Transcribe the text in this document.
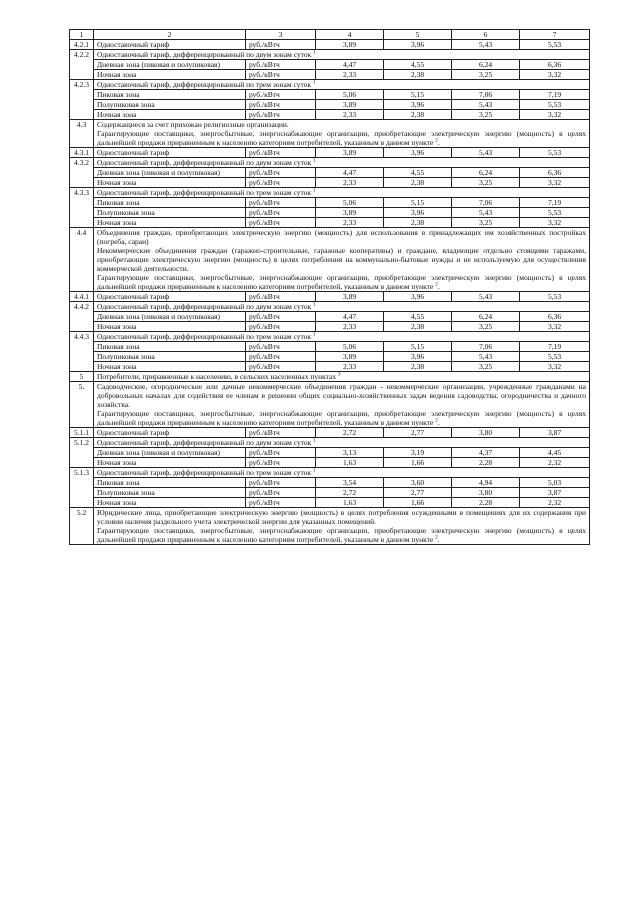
1	2	3	4	5	6	7
4.2.1	Одноставочный тариф	руб./кВтч	3,89	3,96	5,43	5,53
4.2.2	Одноставочный тариф, дифференцированный по двум зонам суток $^1$
	Дневная зона (пиковая и полупиковая)	руб./кВтч	4,47	4,55	6,24	6,36
	Ночная зона	руб./кВтч	2,33	2,38	3,25	3,32
4.2.3	Одноставочный тариф, дифференцированный по трем зонам суток $^1$
	Пиковая зона	руб./кВтч	5,06	5,15	7,06	7,19
	Полупиковая зона	руб./кВтч	3,89	3,96	5,43	5,53
	Ночная зона	руб./кВтч	2,33	2,38	3,25	3,32
4.3	Содержащиеся за счет прихожан религиозные организации.
Гарантирующие поставщики, энергосбытовые, энергоснабжающие организации, приобретающие электрическую энергию (мощность) в целях дальнейшей продажи приравненным к населению категориям потребителей, указанным в данном пункте $^2$.					

4.3.1	Одноставочный тариф	руб./кВтч	3,89	3,96	5,43	5,53
4.3.2	Одноставочный тариф, дифференцированный по двум зонам суток $^1$
	Дневная зона (пиковая и полупиковая)	руб./кВтч	4,47	4,55	6,24	6,36
	Ночная зона	руб./кВтч	2,33	2,38	3,25	3,32
4.3.3	Одноставочный тариф, дифференцированный по трем зонам суток $^1$
	Пиковая зона	руб./кВтч	5,06	5,15	7,06	7,19
	Полупиковая зона	руб./кВтч	3,89	3,96	5,43	5,53
	Ночная зона	руб./кВтч	2,33	2,38	3,25	3,32
4.4	Объединения граждан, приобретающих электрическую энергию (мощность) для использования в принадлежащих им хозяйственных постройках (погреба, сараи)
Некоммерческие объединения граждан (гаражно-строительные, гаражные кооперативы) и граждане, владеющие отдельно стоящими гаражами, приобретающие электрическую энергию (мощность) в целях потребления на коммунально-бытовые нужды и не используемую для осуществления коммерческой деятельности.
Гарантирующие поставщики, энергосбытовые, энергоснабжающие организации, приобретающие электрическую энергию (мощность) в целях дальнейшей продажи приравненным к населению категориям потребителей, указанным в данном пункте $^2$.					

4.4.1	Одноставочный тариф	руб./кВтч	3,89	3,96	5,43	5,53
4.4.2	Одноставочный тариф, дифференцированный по двум зонам суток $^1$
	Дневная зона (пиковая и полупиковая)	руб./кВтч	4,47	4,55	6,24	6,36
	Ночная зона	руб./кВтч	2,33	2,38	3,25	3,32
4.4.3	Одноставочный тариф, дифференцированный по трем зонам суток $^1$
	Пиковая зона	руб./кВтч	5,06	5,15	7,06	7,19
	Полупиковая зона	руб./кВтч	3,89	3,96	5,43	5,53
	Ночная зона	руб./кВтч	2,33	2,38	3,25	3,32
5	Потребители, приравненные к населению, в сельских населенных пунктах $^3$

5.	Садоводческие, огороднические или дачные некоммерческие объединения граждан - некоммерческие организации, учрежденные гражданами на добровольных началах для содействия ее членам в решении общих социально-хозяйственных задач ведения садоводства, огородничества и дачного хозяйства.
Гарантирующие поставщики, энергосбытовые, энергоснабжающие организации, приобретающие электрическую энергию (мощность) в целях дальнейшей продажи приравненным к населению категориям потребителей, указанным в данном пункте $^2$.					

5.1.1	Одноставочный тариф	руб./кВтч	2,72	2,77	3,80	3,87
5.1.2	Одноставочный тариф, дифференцированный по двум зонам суток $^1$
	Дневная зона (пиковая и полупиковая)	руб./кВтч	3,13	3,19	4,37	4,45
	Ночная зона	руб./кВтч	1,63	1,66	2,28	2,32
5.1.3	Одноставочный тариф, дифференцированный по трем зонам суток $^1$
	Пиковая зона	руб./кВтч	3,54	3,60	4,94	5,03
	Полупиковая зона	руб./кВтч	2,72	2,77	3,80	3,87
	Ночная зона	руб./кВтч	1,63	1,66	2,28	2,32
5.2	Юридические лица, приобретающие электрическую энергию (мощность) в целях потребления осужденными в помещениях для их содержания при условии наличия раздельного учета электрической энергии для указанных помещений.
Гарантирующие поставщики, энергосбытовые, энергоснабжающие организации, приобретающие электрическую энергию (мощность) в целях дальнейшей продажи приравненным к населению категориям потребителей, указанным в данном пункте $^2$.					
